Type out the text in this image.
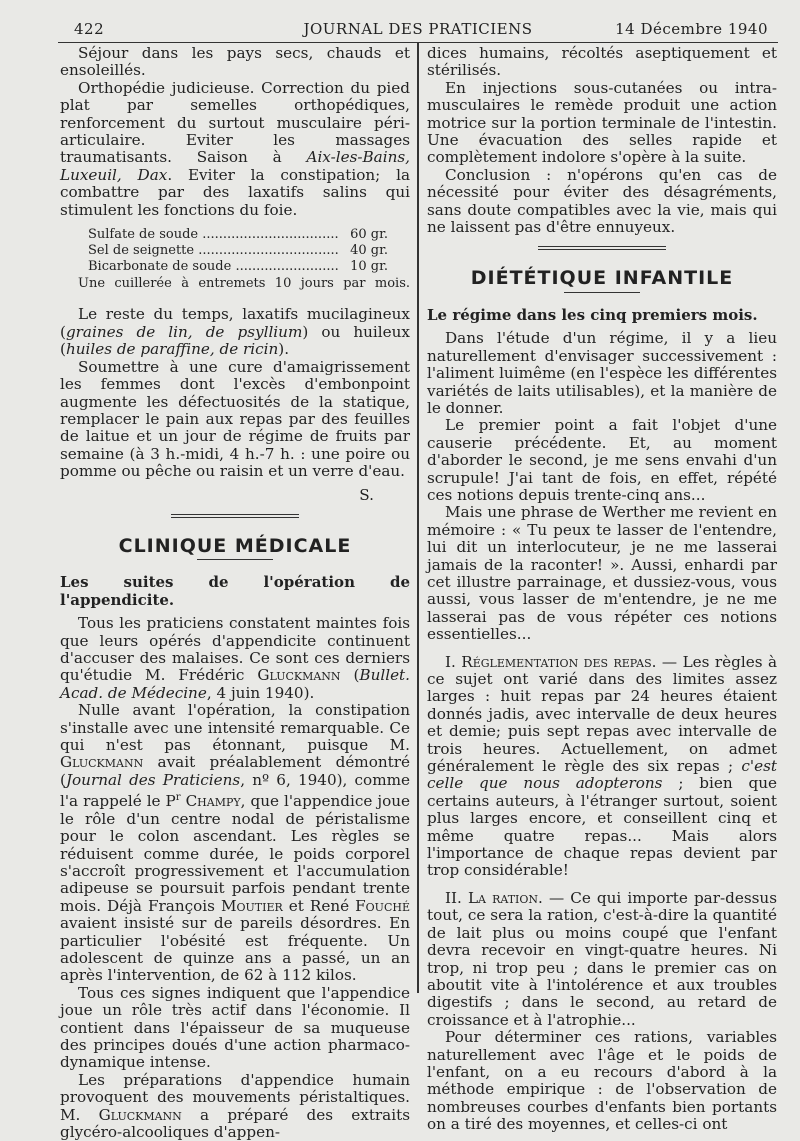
422	JOURNAL DES PRATICIENS	14 Décembre 1940

Séjour dans les pays secs, chauds et ensoleillés.

Orthopédie judicieuse. Correction du pied plat par semelles orthopédiques, renforcement du surtout musculaire péri-articulaire. Eviter les massages traumatisants. Saison à Aix-les-Bains, Luxeuil, Dax. Eviter la constipation; la combattre par des laxatifs salins qui stimulent les fonctions du foie.

Sulfate de soude .....	60 gr.
Sel de seignette .....	40 gr.
Bicarbonate de soude .....	10 gr.

Une cuillerée à entremets 10 jours par mois.

Le reste du temps, laxatifs mucilagineux (graines de lin, de psyllium) ou huileux (huiles de paraffine, de ricin).

Soumettre à une cure d'amaigrissement les femmes dont l'excès d'embonpoint augmente les défectuosités de la statique, remplacer le pain aux repas par des feuilles de laitue et un jour de régime de fruits par semaine (à 3 h.-midi, 4 h.-7 h. : une poire ou pomme ou pêche ou raisin et un verre d'eau.

S.

CLINIQUE MÉDICALE

Les suites de l'opération de l'appendicite.

Tous les praticiens constatent maintes fois que leurs opérés d'appendicite continuent d'accuser des malaises. Ce sont ces derniers qu'étudie M. Frédéric Gluckmann (Bullet. Acad. de Médecine, 4 juin 1940).

Nulle avant l'opération, la constipation s'installe avec une intensité remarquable. Ce qui n'est pas étonnant, puisque M. Gluckmann avait préalablement démontré (Journal des Praticiens, nº 6, 1940), comme l'a rappelé le $P^r$ Champy, que l'appendice joue le rôle d'un centre nodal de péristalisme pour le colon ascendant. Les règles se réduisent comme durée, le poids corporel s'accroît progressivement et l'accumulation adipeuse se poursuit parfois pendant trente mois. Déjà François Moutier et René Fouché avaient insisté sur de pareils désordres. En particulier l'obésité est fréquente. Un adolescent de quinze ans a passé, un an après l'intervention, de 62 à 112 kilos.

Tous ces signes indiquent que l'appendice joue un rôle très actif dans l'économie. Il contient dans l'épaisseur de sa muqueuse des principes doués d'une action pharmaco-dynamique intense.

Les préparations d'appendice humain provoquent des mouvements péristaltiques. M. Gluckmann a préparé des extraits glycéro-alcooliques d'appen-

dices humains, récoltés aseptiquement et stérilisés.

En injections sous-cutanées ou intra-musculaires le remède produit une action motrice sur la portion terminale de l'intestin. Une évacuation des selles rapide et complètement indolore s'opère à la suite.

Conclusion : n'opérons qu'en cas de nécessité pour éviter des désagréments, sans doute compatibles avec la vie, mais qui ne laissent pas d'être ennuyeux.

DIÉTÉTIQUE INFANTILE

Le régime dans les cinq premiers mois.

Dans l'étude d'un régime, il y a lieu naturellement d'envisager successivement : l'aliment luimême (en l'espèce les différentes variétés de laits utilisables), et la manière de le donner.

Le premier point a fait l'objet d'une causerie précédente. Et, au moment d'aborder le second, je me sens envahi d'un scrupule! J'ai tant de fois, en effet, répété ces notions depuis trente-cinq ans...

Mais une phrase de Werther me revient en mémoire : « Tu peux te lasser de l'entendre, lui dit un interlocuteur, je ne me lasserai jamais de la raconter! ». Aussi, enhardi par cet illustre parrainage, et dussiez-vous, vous aussi, vous lasser de m'entendre, je ne me lasserai pas de vous répéter ces notions essentielles...

I. Réglementation des repas. — Les règles à ce sujet ont varié dans des limites assez larges : huit repas par 24 heures étaient donnés jadis, avec intervalle de deux heures et demie; puis sept repas avec intervalle de trois heures. Actuellement, on admet généralement le règle des six repas ; c'est celle que nous adopterons ; bien que certains auteurs, à l'étranger surtout, soient plus larges encore, et conseillent cinq et même quatre repas... Mais alors l'importance de chaque repas devient par trop considérable!

II. La ration. — Ce qui importe par-dessus tout, ce sera la ration, c'est-à-dire la quantité de lait plus ou moins coupé que l'enfant devra recevoir en vingt-quatre heures. Ni trop, ni trop peu ; dans le premier cas on aboutit vite à l'intolérence et aux troubles digestifs ; dans le second, au retard de croissance et à l'atrophie...

Pour déterminer ces rations, variables naturellement avec l'âge et le poids de l'enfant, on a eu recours d'abord à la méthode empirique : de l'observation de nombreuses courbes d'enfants bien portants on a tiré des moyennes, et celles-ci ont
